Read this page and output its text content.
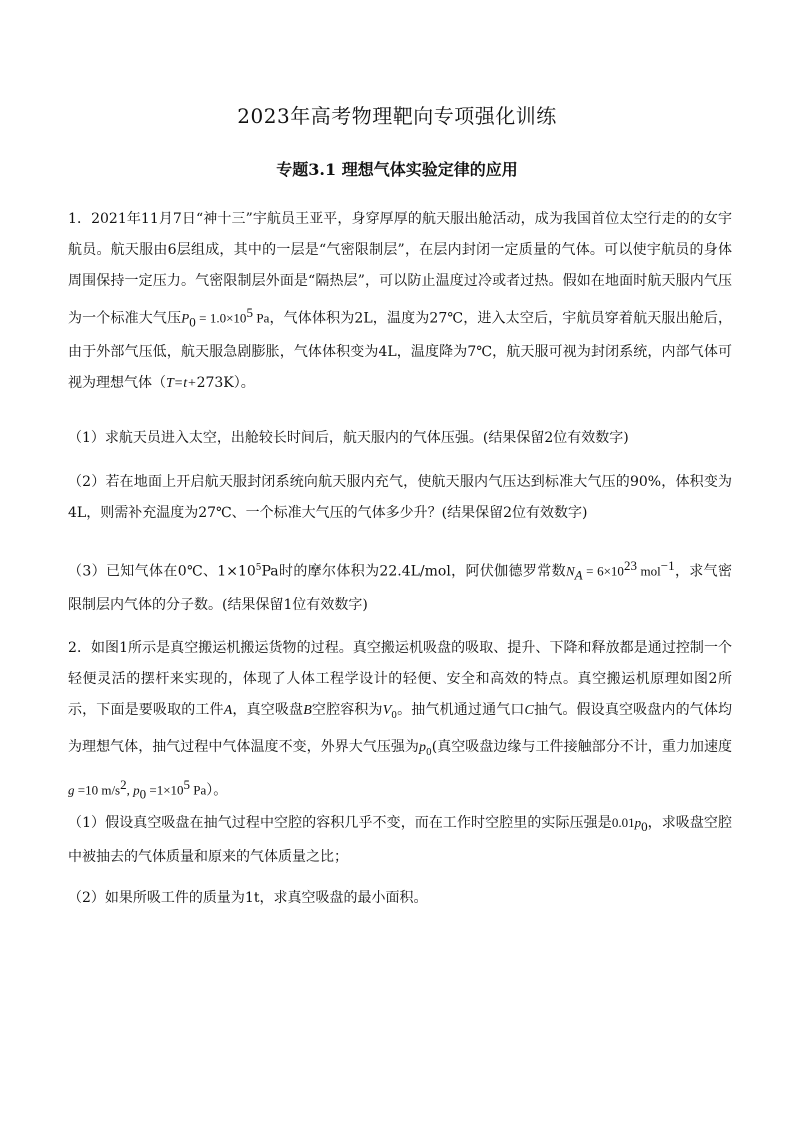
2023年高考物理靶向专项强化训练
专题3.1 理想气体实验定律的应用
1．2021年11月7日“神十三”宇航员王亚平，身穿厚厚的航天服出舱活动，成为我国首位太空行走的的女宇航员。航天服由6层组成，其中的一层是“气密限制层”，在层内封闭一定质量的气体。可以使宇航员的身体周围保持一定压力。气密限制层外面是“隔热层”，可以防止温度过冷或者过热。假如在地面时航天服内气压为一个标准大气压$P_0 = 1.0\times 10^5$ Pa，气体体积为2L，温度为27℃，进入太空后，宇航员穿着航天服出舱后，由于外部气压低，航天服急剧膨胀，气体体积变为4L，温度降为7℃，航天服可视为封闭系统，内部气体可视为理想气体（T=t+273K）。
（1）求航天员进入太空，出舱较长时间后，航天服内的气体压强。(结果保留2位有效数字)
（2）若在地面上开启航天服封闭系统向航天服内充气，使航天服内气压达到标准大气压的90%，体积变为4L，则需补充温度为27℃、一个标准大气压的气体多少升？(结果保留2位有效数字)
（3）已知气体在0℃、$1\times 10^5Pa$时的摩尔体积为22.4L/mol，阿伏伽德罗常数$N_A = 6\times 10^{23}$ mol$^{-1}$，求气密限制层内气体的分子数。(结果保留1位有效数字)
2．如图1所示是真空搬运机搬运货物的过程。真空搬运机吸盘的吸取、提升、下降和释放都是通过控制一个轻便灵活的摆杆来实现的，体现了人体工程学设计的轻便、安全和高效的特点。真空搬运机原理如图2所示，下面是要吸取的工件A，真空吸盘B空腔容积为$V_0$。抽气机通过通气口C抽气。假设真空吸盘内的气体均为理想气体，抽气过程中气体温度不变，外界大气压强为$p_0$(真空吸盘边缘与工件接触部分不计，重力加速度g =10 $m/s^2$, $p_0 =1\times 10^5$ Pa）。
（1）假设真空吸盘在抽气过程中空腔的容积几乎不变，而在工作时空腔里的实际压强是$0.01p_0$，求吸盘空腔中被抽去的气体质量和原来的气体质量之比；
（2）如果所吸工件的质量为1t，求真空吸盘的最小面积。
